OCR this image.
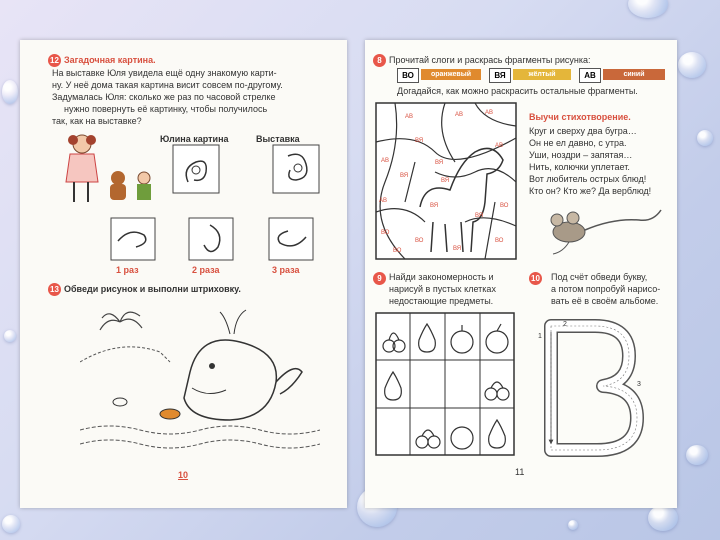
12 Загадочная картина.
На выставке Юля увидела ещё одну знакомую карти-
ну. У неё дома такая картина висит совсем по-другому.
Задумалась Юля: сколько же раз по часовой стрелке
нужно повернуть её картинку, чтобы получилось
так, как на выставке?
Юлина картина	Выставка
1 раз	2 раза	3 раза
13 Обведи рисунок и выполни штриховку.
10
8 Прочитай слоги и раскрась фрагменты рисунка:
ВО	оранжевый	ВЯ	жёлтый	АВ	синий
Догадайся, как можно раскрасить остальные фрагменты.
АВ	АВ	АВ
АВ
АВ
ВЯ
ВЯ
ВЯ
ВЯ
ВЯ
ВО
ВО
ВО
ВО
ВЯ
АВ
ВО
ВЯ
Выучи стихотворение.
Круг и сверху два бугра…
Он не ел давно, с утра.
Уши, ноздри – запятая…
Нить, колючки уплетает.
Вот любитель острых блюд!
Кто он? Кто же? Да верблюд!
9 Найди закономерность и
нарисуй в пустых клетках
недостающие предметы.
10	Под счёт обведи букву,
а потом попробуй нарисо-
вать её в своём альбоме.
1
2
3
11
